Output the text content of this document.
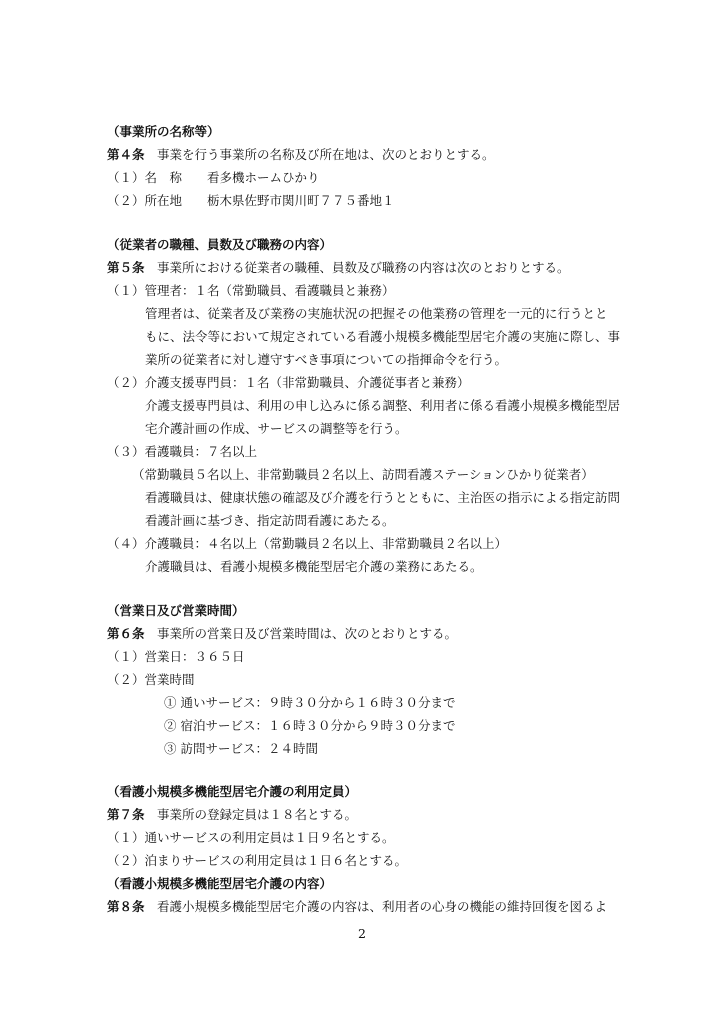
（事業所の名称等）
第４条 事業を行う事業所の名称及び所在地は、次のとおりとする。
（１）名　称　　看多機ホームひかり
（２）所在地　　栃木県佐野市関川町７７５番地１
（従業者の職種、員数及び職務の内容）
第５条 事業所における従業者の職種、員数及び職務の内容は次のとおりとする。
（１）管理者：１名（常勤職員、看護職員と兼務）
管理者は、従業者及び業務の実施状況の把握その他業務の管理を一元的に行うとと
もに、法令等において規定されている看護小規模多機能型居宅介護の実施に際し、事
業所の従業者に対し遵守すべき事項についての指揮命令を行う。
（２）介護支援専門員：１名（非常勤職員、介護従事者と兼務）
介護支援専門員は、利用の申し込みに係る調整、利用者に係る看護小規模多機能型居
宅介護計画の作成、サービスの調整等を行う。
（３）看護職員：７名以上
（常勤職員５名以上、非常勤職員２名以上、訪問看護ステーションひかり従業者）
看護職員は、健康状態の確認及び介護を行うとともに、主治医の指示による指定訪問
看護計画に基づき、指定訪問看護にあたる。
（４）介護職員：４名以上（常勤職員２名以上、非常勤職員２名以上）
介護職員は、看護小規模多機能型居宅介護の業務にあたる。
（営業日及び営業時間）
第６条 事業所の営業日及び営業時間は、次のとおりとする。
（１）営業日：３６５日
（２）営業時間
① 通いサービス：９時３０分から１６時３０分まで
② 宿泊サービス：１６時３０分から９時３０分まで
③ 訪問サービス：２４時間
（看護小規模多機能型居宅介護の利用定員）
第７条 事業所の登録定員は１８名とする。
（１）通いサービスの利用定員は１日９名とする。
（２）泊まりサービスの利用定員は１日６名とする。
（看護小規模多機能型居宅介護の内容）
第８条 看護小規模多機能型居宅介護の内容は、利用者の心身の機能の維持回復を図るよ
2
